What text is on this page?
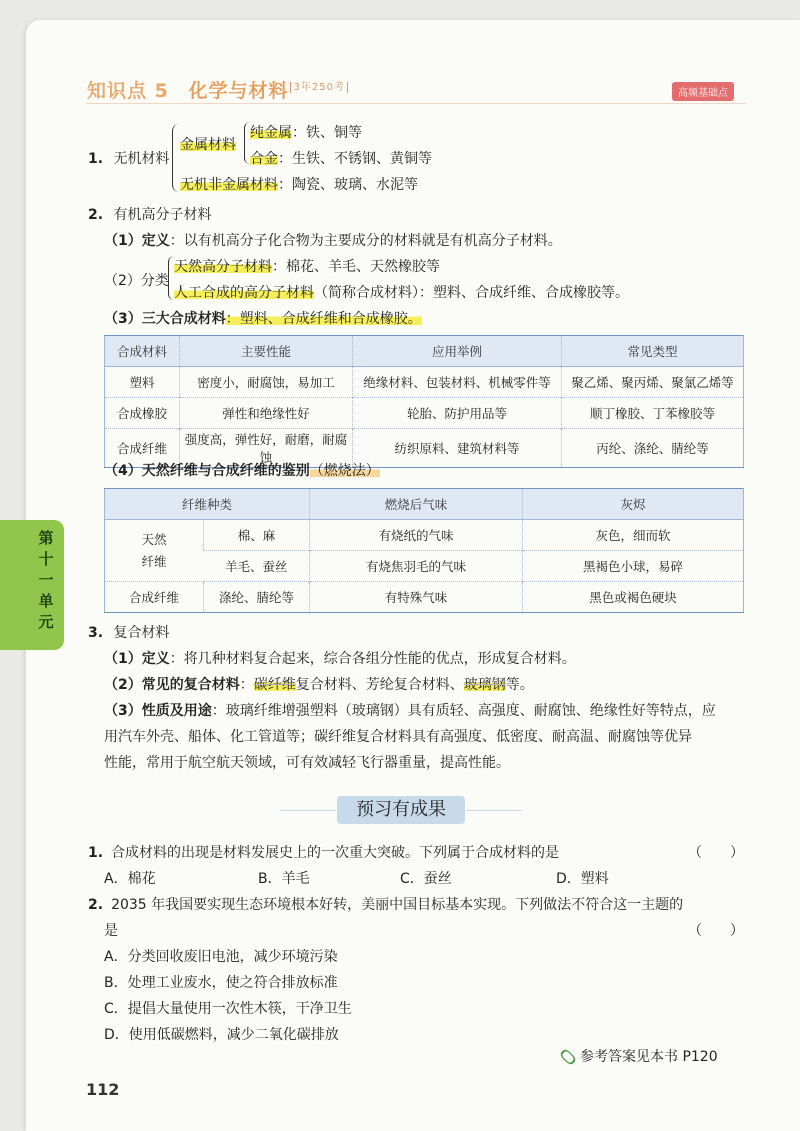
第十一单元
知识点 5 化学与材料 $^{3年250考}$
高频基础点
1. 无机材料
金属材料
纯金属：铁、铜等
合金：生铁、不锈钢、黄铜等
无机非金属材料：陶瓷、玻璃、水泥等
2. 有机高分子材料
（1）定义：以有机高分子化合物为主要成分的材料就是有机高分子材料。
（2）分类
天然高分子材料：棉花、羊毛、天然橡胶等
人工合成的高分子材料（简称合成材料）：塑料、合成纤维、合成橡胶等。
（3）三大合成材料：塑料、合成纤维和合成橡胶。
合成材料	主要性能	应用举例	常见类型
塑料	密度小，耐腐蚀，易加工	绝缘材料、包装材料、机械零件等	聚乙烯、聚丙烯、聚氯乙烯等
合成橡胶	弹性和绝缘性好	轮胎、防护用品等	顺丁橡胶、丁苯橡胶等
合成纤维	强度高，弹性好，耐磨，耐腐蚀	纺织原料、建筑材料等	丙纶、涤纶、腈纶等
（4）天然纤维与合成纤维的鉴别（燃烧法）
纤维种类		燃烧后气味	灰烬
天然
纤维	棉、麻	有烧纸的气味	灰色，细而软
	羊毛、蚕丝	有烧焦羽毛的气味	黑褐色小球，易碎
合成纤维	涤纶、腈纶等	有特殊气味	黑色或褐色硬块
3. 复合材料
（1）定义：将几种材料复合起来，综合各组分性能的优点，形成复合材料。
（2）常见的复合材料：碳纤维复合材料、芳纶复合材料、玻璃钢等。
（3）性质及用途：玻璃纤维增强塑料（玻璃钢）具有质轻、高强度、耐腐蚀、绝缘性好等特点，应
用汽车外壳、船体、化工管道等；碳纤维复合材料具有高强度、低密度、耐高温、耐腐蚀等优异
性能，常用于航空航天领域，可有效减轻飞行器重量，提高性能。
预习有成果
1. 合成材料的出现是材料发展史上的一次重大突破。下列属于合成材料的是	（　　）
A．棉花	B．羊毛	C．蚕丝	D．塑料
2. 2035 年我国要实现生态环境根本好转，美丽中国目标基本实现。下列做法不符合这一主题的
是	（　　）
A．分类回收废旧电池，减少环境污染
B．处理工业废水，使之符合排放标准
C．提倡大量使用一次性木筷，干净卫生
D．使用低碳燃料，减少二氧化碳排放
参考答案见本书 P120
112
